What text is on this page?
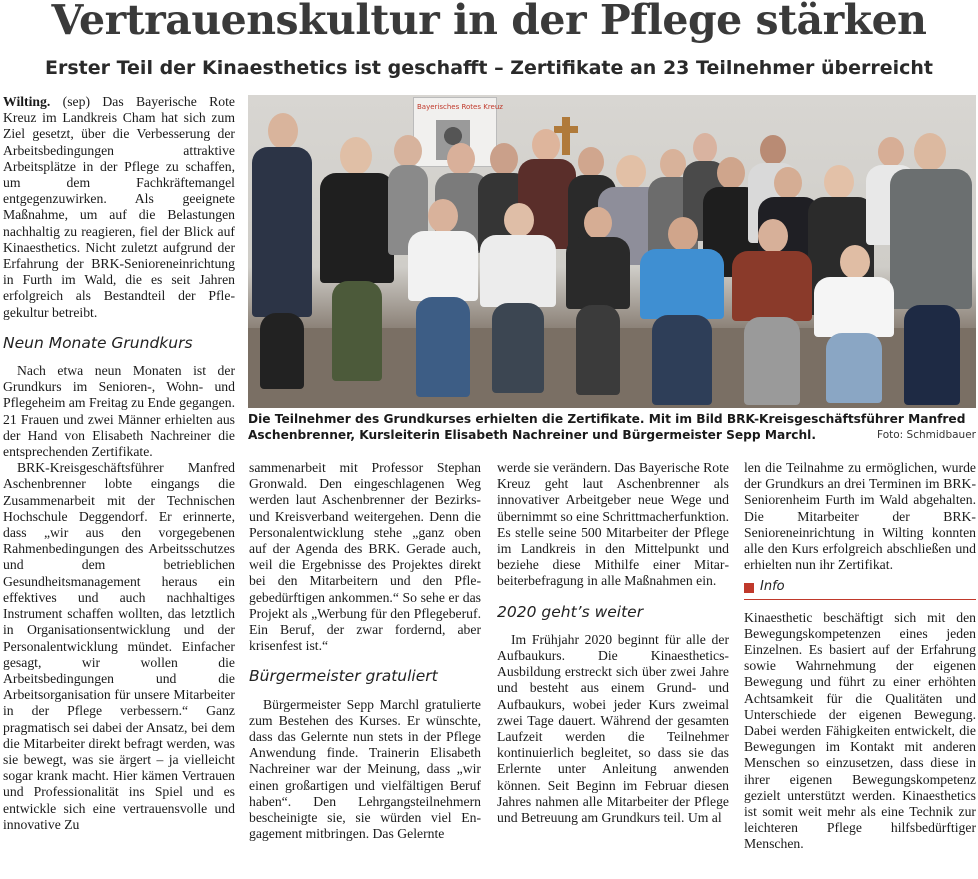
Vertrauenskultur in der Pflege stärken
Erster Teil der Kinaesthetics ist geschafft – Zertifikate an 23 Teilnehmer überreicht

Wilting. (sep) Das Bayerische Rote Kreuz im Landkreis Cham hat sich zum Ziel gesetzt, über die Verbesserung der Arbeitsbedingungen attraktive Arbeitsplätze in der Pflege zu schaffen, um dem Fachkräftemangel entgegenzuwirken. Als geeignete Maßnahme, um auf die Belastungen nachhaltig zu reagieren, fiel der Blick auf Kinaesthetics. Nicht zuletzt aufgrund der Erfahrung der BRK-Senioreneinrichtung in Furth im Wald, die es seit Jahren erfolgreich als Bestandteil der Pflegekultur betreibt.

Neun Monate Grundkurs

Nach etwa neun Monaten ist der Grundkurs im Senioren-, Wohn- und Pflegeheim am Freitag zu Ende gegangen. 21 Frauen und zwei Männer erhielten aus der Hand von Elisabeth Nachreiner die entsprechenden Zertifikate.

BRK-Kreisgeschäftsführer Manfred Aschenbrenner lobte eingangs die Zusammenarbeit mit der Technischen Hochschule Deggendorf. Er erinnerte, dass „wir aus den vorgegebenen Rahmenbedingungen des Arbeitsschutzes und dem betrieblichen Gesundheitsmanagement heraus ein effektives und auch nachhaltiges Instrument schaffen wollten, das letztlich in Organisationsentwicklung und der Personalentwicklung mündet. Einfacher gesagt, wir wollen die Arbeitsbedingungen und die Arbeitsorganisation für unsere Mitarbeiter in der Pflege verbessern.“ Ganz pragmatisch sei dabei der Ansatz, bei dem die Mitarbeiter direkt befragt werden, was sie bewegt, was sie ärgert – ja vielleicht sogar krank macht. Hier kämen Vertrauen und Professionalität ins Spiel und es entwickle sich eine vertrauensvolle und innovative Zu

Bayerisches Rotes Kreuz
Die Teilnehmer des Grundkurses erhielten die Zertifikate. Mit im Bild BRK-Kreisgeschäftsführer Manfred Aschenbrenner, Kursleiterin Elisabeth Nachreiner und Bürgermeister Sepp Marchl.	Foto: Schmidbauer

sammenarbeit mit Professor Stephan Gronwald. Den eingeschlagenen Weg werden laut Aschenbrenner der Bezirks- und Kreisverband weitergehen. Denn die Personalentwicklung stehe „ganz oben auf der Agenda des BRK. Gerade auch, weil die Ergebnisse des Projektes direkt bei den Mitarbeitern und den Pflegebedürftigen ankommen.“ So sehe er das Projekt als „Werbung für den Pflegeberuf. Ein Beruf, der zwar fordernd, aber krisenfest ist.“

Bürgermeister gratuliert

Bürgermeister Sepp Marchl gratulierte zum Bestehen des Kurses. Er wünschte, dass das Gelernte nun stets in der Pflege Anwendung finde. Trainerin Elisabeth Nachreiner war der Meinung, dass „wir einen großartigen und vielfältigen Beruf haben“. Den Lehrgangsteilnehmern bescheinigte sie, sie würden viel Engagement mitbringen. Das Gelernte

werde sie verändern. Das Bayerische Rote Kreuz geht laut Aschenbrenner als innovativer Arbeitgeber neue Wege und übernimmt so eine Schrittmacherfunktion. Es stelle seine 500 Mitarbeiter der Pflege im Landkreis in den Mittelpunkt und beziehe diese Mithilfe einer Mitarbeiterbefragung in alle Maßnahmen ein.

2020 geht’s weiter

Im Frühjahr 2020 beginnt für alle der Aufbaukurs. Die Kinaesthetics-Ausbildung erstreckt sich über zwei Jahre und besteht aus einem Grund- und Aufbaukurs, wobei jeder Kurs zweimal zwei Tage dauert. Während der gesamten Laufzeit werden die Teilnehmer kontinuierlich begleitet, so dass sie das Erlernte unter Anleitung anwenden können. Seit Beginn im Februar diesen Jahres nahmen alle Mitarbeiter der Pflege und Betreuung am Grundkurs teil. Um al

len die Teilnahme zu ermöglichen, wurde der Grundkurs an drei Terminen im BRK-Seniorenheim Furth im Wald abgehalten. Die Mitarbeiter der BRK-Senioreneinrichtung in Wilting konnten alle den Kurs erfolgreich abschließen und erhielten nun ihr Zertifikat.

Info

Kinaesthetic beschäftigt sich mit den Bewegungskompetenzen eines jeden Einzelnen. Es basiert auf der Erfahrung sowie Wahrnehmung der eigenen Bewegung und führt zu einer erhöhten Achtsamkeit für die Qualitäten und Unterschiede der eigenen Bewegung. Dabei werden Fähigkeiten entwickelt, die Bewegungen im Kontakt mit anderen Menschen so einzusetzen, dass diese in ihrer eigenen Bewegungskompetenz gezielt unterstützt werden. Kinaesthetics ist somit weit mehr als eine Technik zur leichteren Pflege hilfsbedürftiger Menschen.
